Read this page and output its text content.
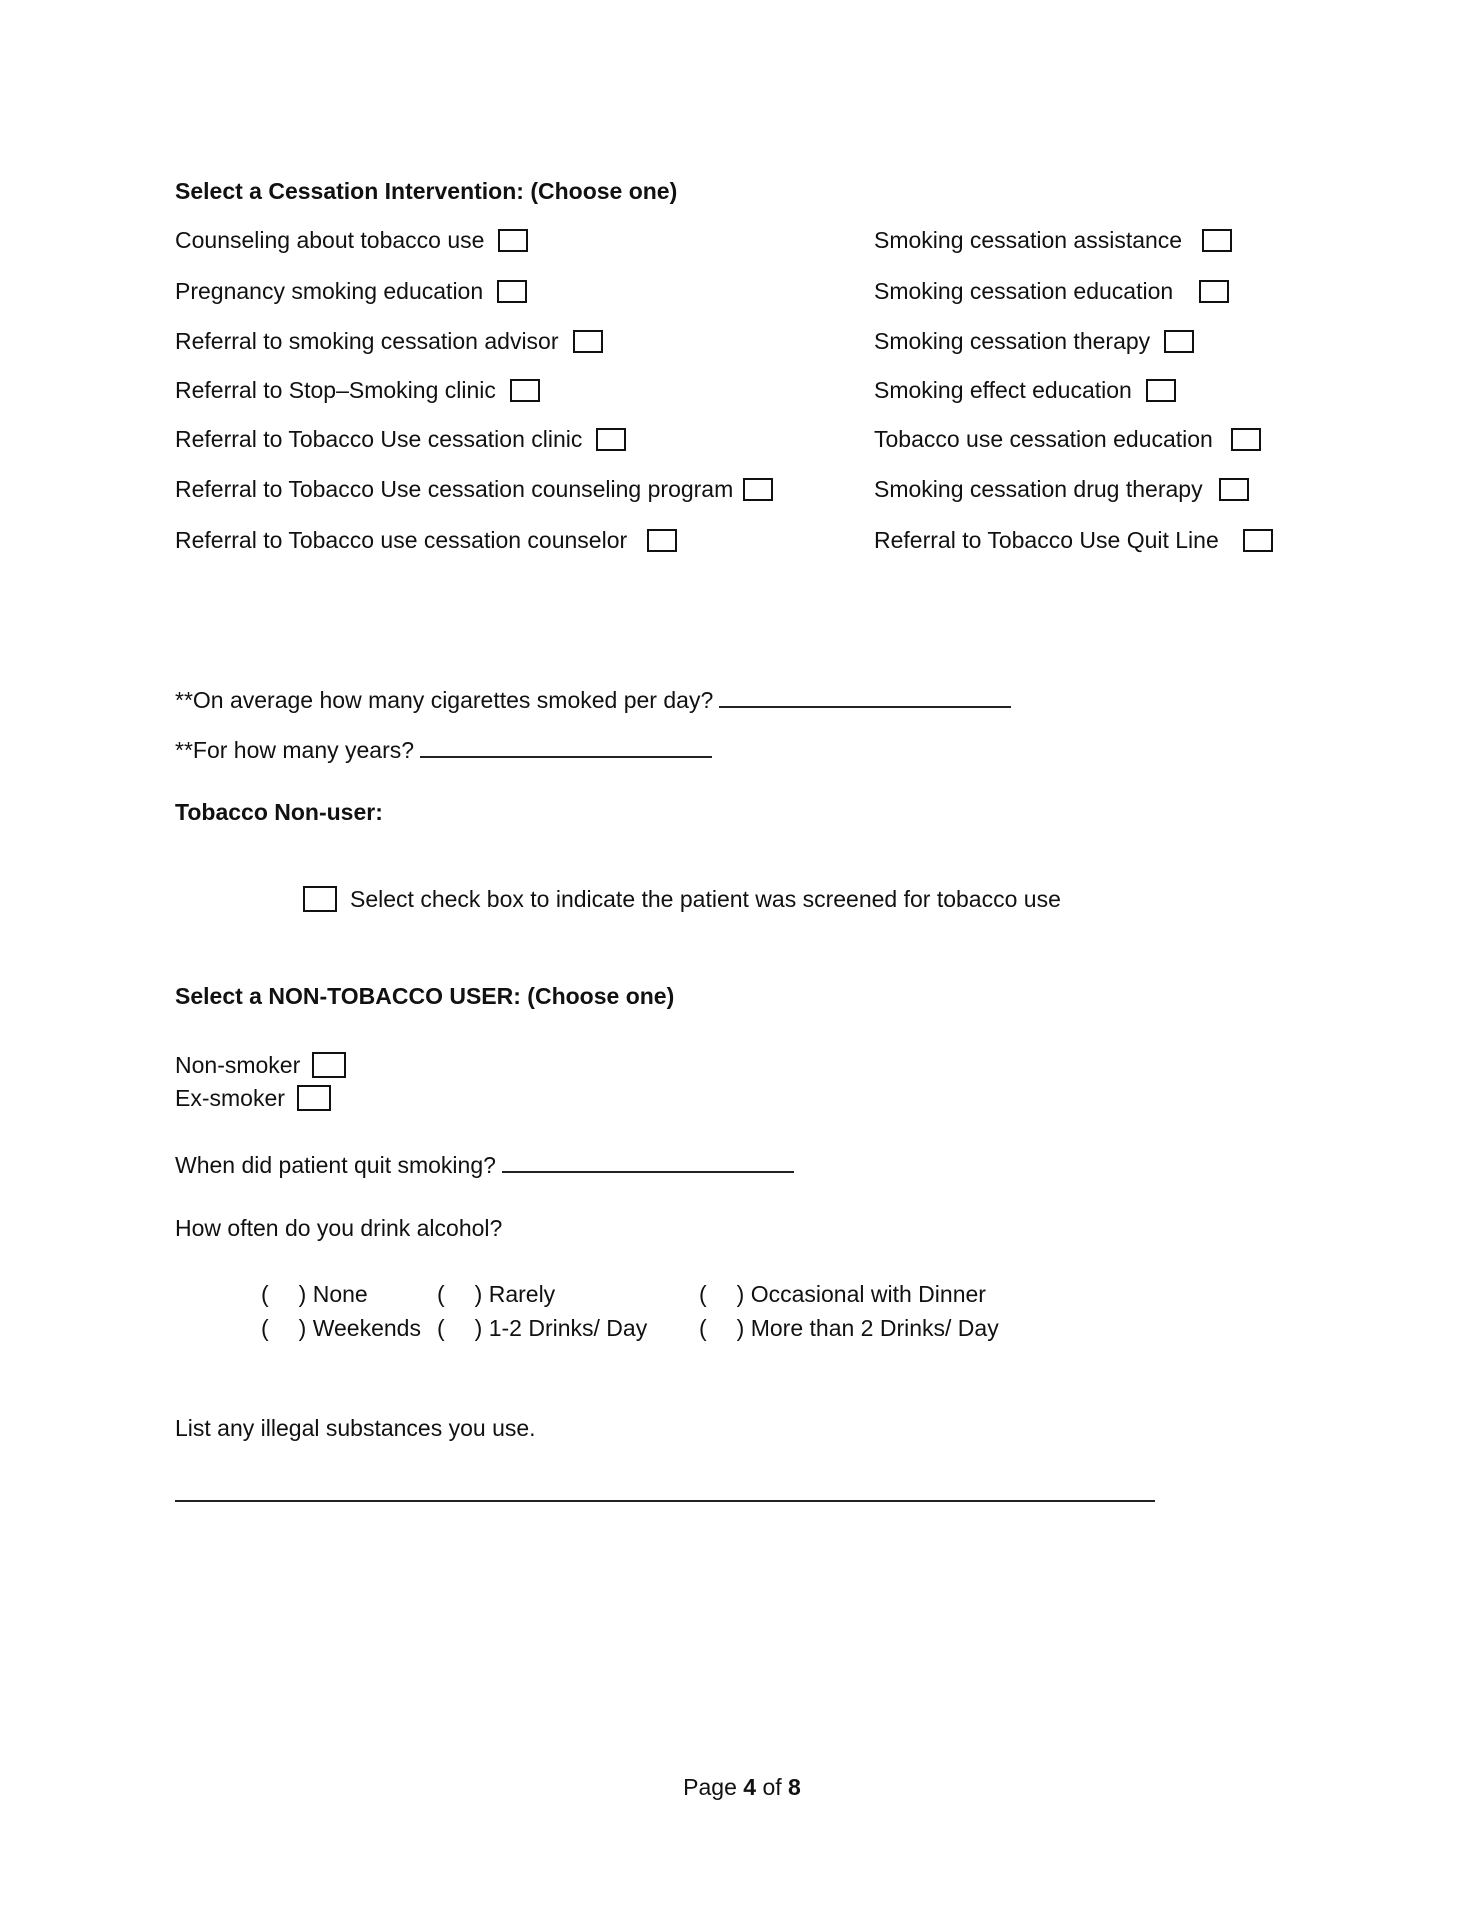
Select a Cessation Intervention: (Choose one)
Counseling about tobacco use
Pregnancy smoking education
Referral to smoking cessation advisor
Referral to Stop–Smoking clinic
Referral to Tobacco Use cessation clinic
Referral to Tobacco Use cessation counseling program
Referral to Tobacco use cessation counselor
Smoking cessation assistance
Smoking cessation education
Smoking cessation therapy
Smoking effect education
Tobacco use cessation education
Smoking cessation drug therapy
Referral to Tobacco Use Quit Line
**On average how many cigarettes smoked per day?
**For how many years?
Tobacco Non-user:
Select check box to indicate the patient was screened for tobacco use
Select a NON-TOBACCO USER: (Choose one)
Non-smoker
Ex-smoker
When did patient quit smoking?
How often do you drink alcohol?
( ) None	( ) Rarely	( ) Occasional with Dinner
( ) Weekends ( ) 1-2 Drinks/ Day ( ) More than 2 Drinks/ Day
List any illegal substances you use.
Page 4 of 8
